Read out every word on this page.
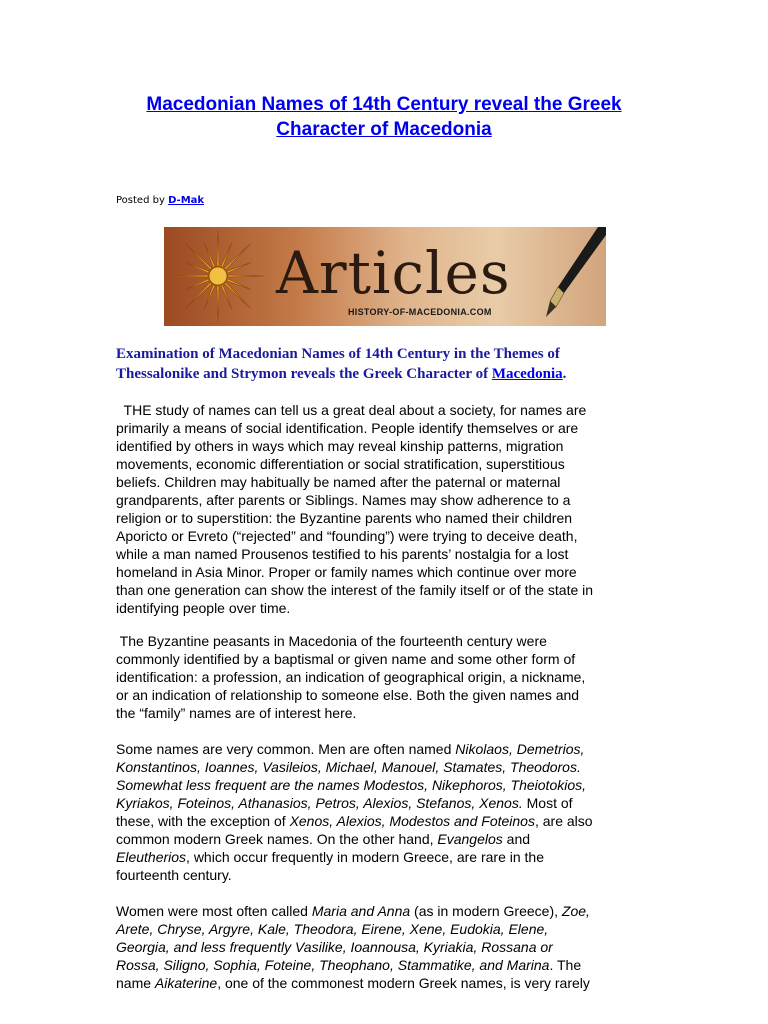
Macedonian Names of 14th Century reveal the Greek
Character of Macedonia

Posted by D-Mak

Articles
HISTORY-OF-MACEDONIA.COM

Examination of Macedonian Names of 14th Century in the Themes of
Thessalonike and Strymon reveals the Greek Character of Macedonia.

THE study of names can tell us a great deal about a society, for names are
primarily a means of social identification. People identify themselves or are
identified by others in ways which may reveal kinship patterns, migration
movements, economic differentiation or social stratification, superstitious
beliefs. Children may habitually be named after the paternal or maternal
grandparents, after parents or Siblings. Names may show adherence to a
religion or to superstition: the Byzantine parents who named their children
Aporicto or Evreto (“rejected” and “founding”) were trying to deceive death,
while a man named Prousenos testified to his parents’ nostalgia for a lost
homeland in Asia Minor. Proper or family names which continue over more
than one generation can show the interest of the family itself or of the state in
identifying people over time.
The Byzantine peasants in Macedonia of the fourteenth century were
commonly identified by a baptismal or given name and some other form of
identification: a profession, an indication of geographical origin, a nickname,
or an indication of relationship to someone else. Both the given names and
the “family” names are of interest here.
Some names are very common. Men are often named Nikolaos, Demetrios,
Konstantinos, Ioannes, Vasileios, Michael, Manouel, Stamates, Theodoros.
Somewhat less frequent are the names Modestos, Nikephoros, Theiotokios,
Kyriakos, Foteinos, Athanasios, Petros, Alexios, Stefanos, Xenos. Most of
these, with the exception of Xenos, Alexios, Modestos and Foteinos, are also
common modern Greek names. On the other hand, Evangelos and
Eleutherios, which occur frequently in modern Greece, are rare in the
fourteenth century.
Women were most often called Maria and Anna (as in modern Greece), Zoe,
Arete, Chryse, Argyre, Kale, Theodora, Eirene, Xene, Eudokia, Elene,
Georgia, and less frequently Vasilike, Ioannousa, Kyriakia, Rossana or
Rossa, Siligno, Sophia, Foteine, Theophano, Stammatike, and Marina. The
name Aikaterine, one of the commonest modern Greek names, is very rarely
